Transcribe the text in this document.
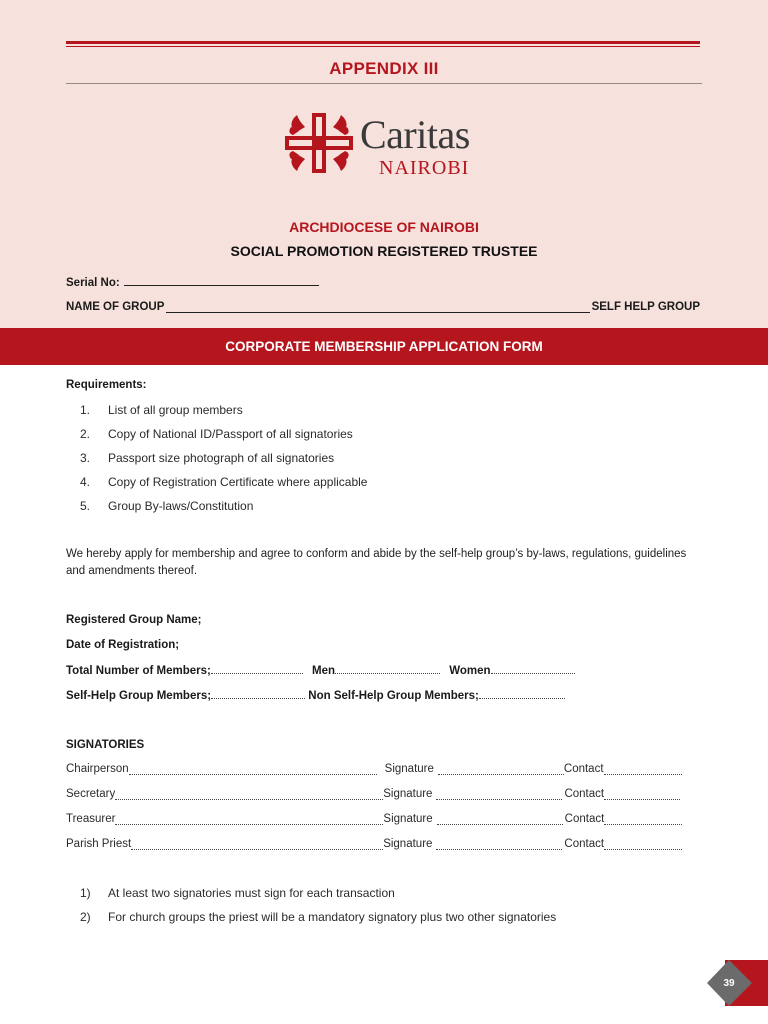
APPENDIX III
Caritas
NAIROBI
ARCHDIOCESE OF NAIROBI
SOCIAL PROMOTION REGISTERED TRUSTEE
Serial No:
NAME OF GROUP	SELF HELP GROUP
CORPORATE MEMBERSHIP APPLICATION FORM
Requirements:
1.	List of all group members
2.	Copy of National ID/Passport of all signatories
3.	Passport size photograph of all signatories
4.	Copy of Registration Certificate where applicable
5.	Group By-laws/Constitution
We hereby apply for membership and agree to conform and abide by the self-help group’s by-laws, regulations, guidelines and amendments thereof.
Registered Group Name;
Date of Registration;
Total Number of Members;	Men	Women
Self-Help Group Members;	Non Self-Help Group Members;
SIGNATORIES
Chairperson	Signature	Contact
Secretary	Signature	Contact
Treasurer	Signature	Contact
Parish Priest	Signature	Contact
1)	At least two signatories must sign for each transaction
2)	For church groups the priest will be a mandatory signatory plus two other signatories
39
